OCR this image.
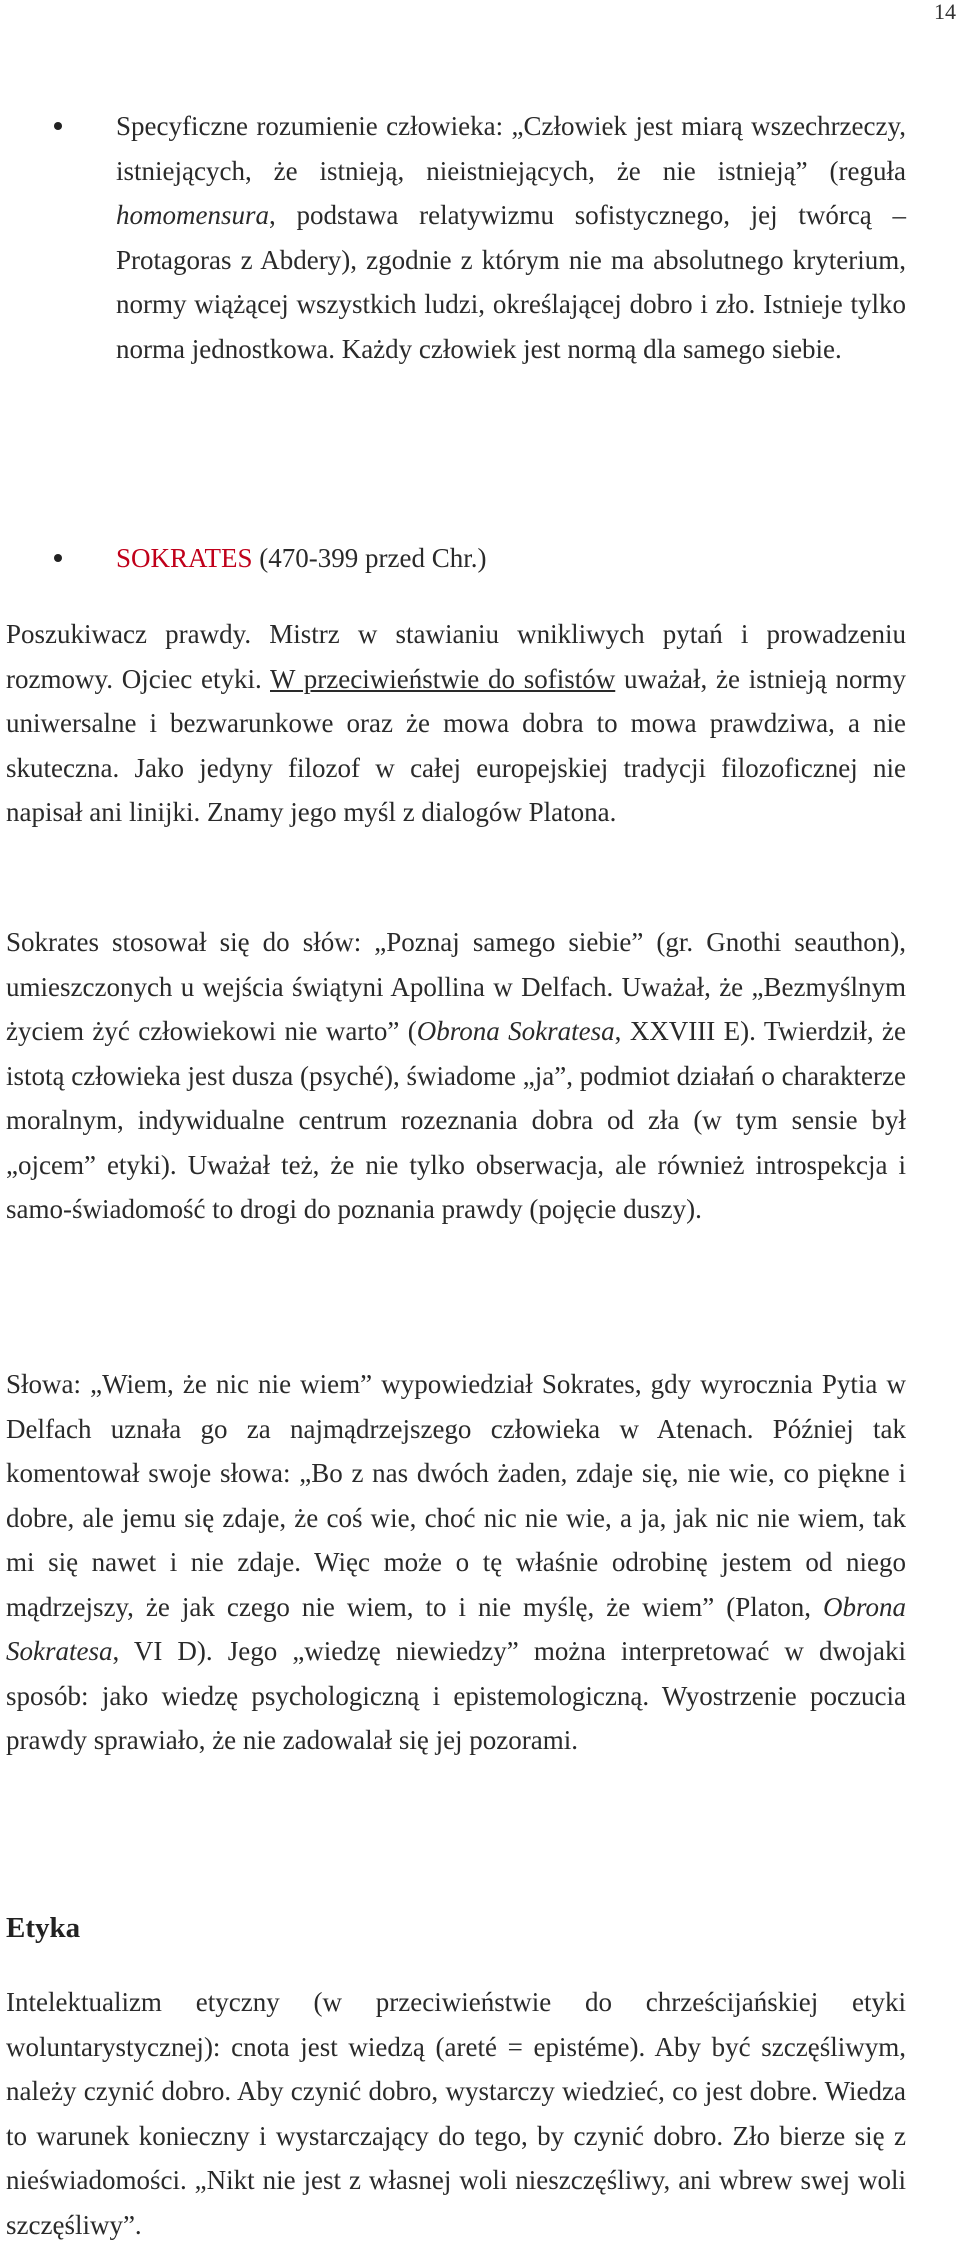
14
Specyficzne rozumienie człowieka: „Człowiek jest miarą wszechrzeczy, istniejących, że istnieją, nieistniejących, że nie istnieją” (reguła homomensura, podstawa relatywizmu sofistycznego, jej twórcą – Protagoras z Abdery), zgodnie z którym nie ma absolutnego kryterium, normy wiążącej wszystkich ludzi, określającej dobro i zło. Istnieje tylko norma jednostkowa. Każdy człowiek jest normą dla samego siebie.
SOKRATES (470-399 przed Chr.)

Poszukiwacz prawdy. Mistrz w stawianiu wnikliwych pytań i prowadzeniu rozmowy. Ojciec etyki. W przeciwieństwie do sofistów uważał, że istnieją normy uniwersalne i bezwarunkowe oraz że mowa dobra to mowa prawdziwa, a nie skuteczna. Jako jedyny filozof w całej europejskiej tradycji filozoficznej nie napisał ani linijki. Znamy jego myśl z dialogów Platona.

Sokrates stosował się do słów: „Poznaj samego siebie” (gr. Gnothi seauthon), umieszczonych u wejścia świątyni Apollina w Delfach. Uważał, że „Bezmyślnym życiem żyć człowiekowi nie warto” (Obrona Sokratesa, XXVIII E). Twierdził, że istotą człowieka jest dusza (psyché), świadome „ja”, podmiot działań o charakterze moralnym, indywidualne centrum rozeznania dobra od zła (w tym sensie był „ojcem” etyki). Uważał też, że nie tylko obserwacja, ale również introspekcja i samo-świadomość to drogi do poznania prawdy (pojęcie duszy).

Słowa: „Wiem, że nic nie wiem” wypowiedział Sokrates, gdy wyrocznia Pytia w Delfach uznała go za najmądrzejszego człowieka w Atenach. Później tak komentował swoje słowa: „Bo z nas dwóch żaden, zdaje się, nie wie, co piękne i dobre, ale jemu się zdaje, że coś wie, choć nic nie wie, a ja, jak nic nie wiem, tak mi się nawet i nie zdaje. Więc może o tę właśnie odrobinę jestem od niego mądrzejszy, że jak czego nie wiem, to i nie myślę, że wiem” (Platon, Obrona Sokratesa, VI D). Jego „wiedzę niewiedzy” można interpretować w dwojaki sposób: jako wiedzę psychologiczną i epistemologiczną. Wyostrzenie poczucia prawdy sprawiało, że nie zadowalał się jej pozorami.

Etyka

Intelektualizm etyczny (w przeciwieństwie do chrześcijańskiej etyki woluntarystycznej): cnota jest wiedzą (areté = epistéme). Aby być szczęśliwym, należy czynić dobro. Aby czynić dobro, wystarczy wiedzieć, co jest dobre. Wiedza to warunek konieczny i wystarczający do tego, by czynić dobro. Zło bierze się z nieświadomości. „Nikt nie jest z własnej woli nieszczęśliwy, ani wbrew swej woli szczęśliwy”.
